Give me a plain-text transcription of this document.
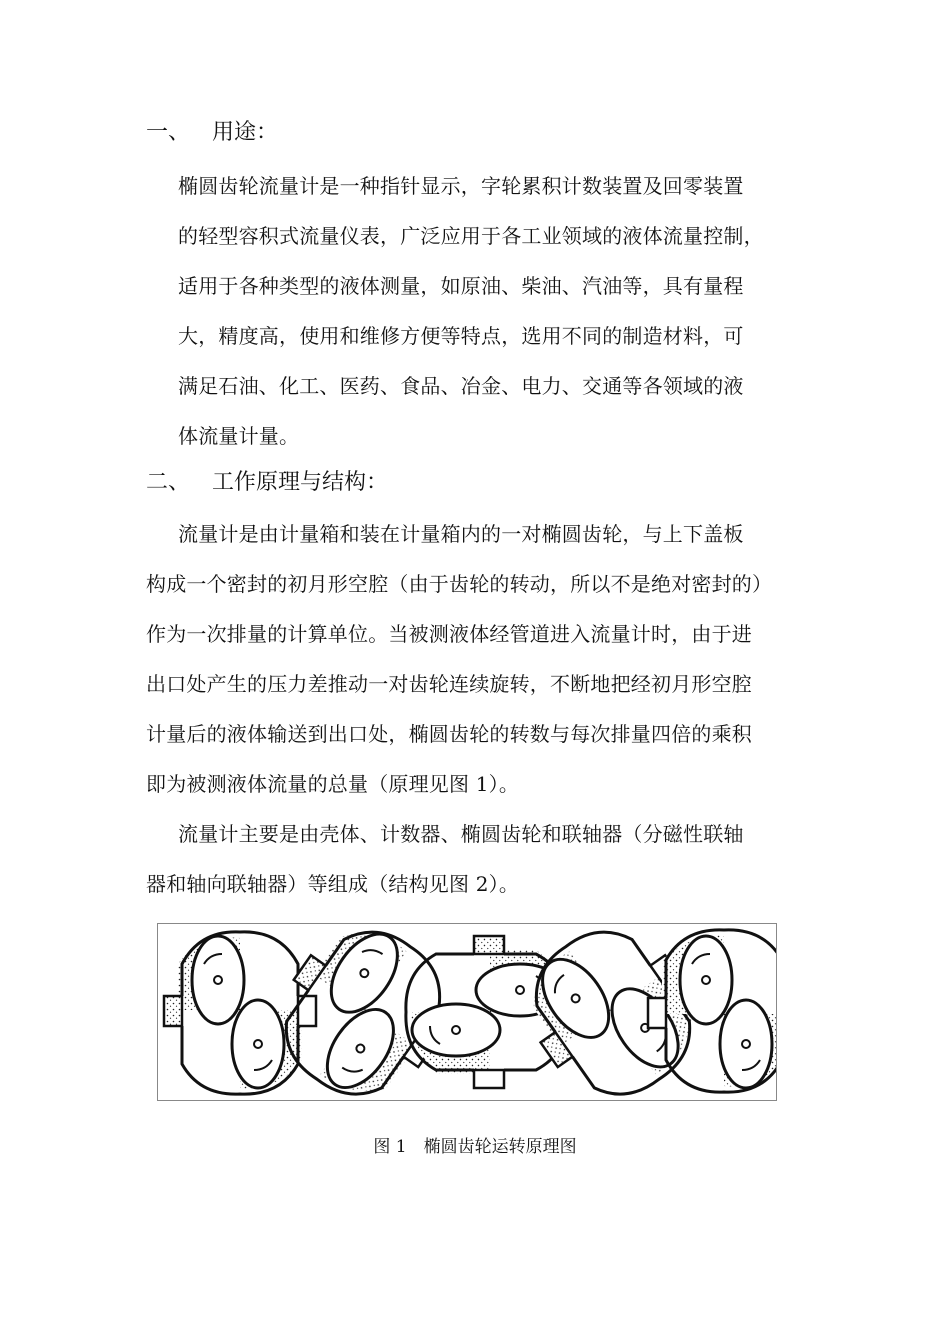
一、 用途：
椭圆齿轮流量计是一种指针显示，字轮累积计数装置及回零装置
的轻型容积式流量仪表，广泛应用于各工业领域的液体流量控制，
适用于各种类型的液体测量，如原油、柴油、汽油等，具有量程
大，精度高，使用和维修方便等特点，选用不同的制造材料，可
满足石油、化工、医药、食品、冶金、电力、交通等各领域的液
体流量计量。
二、 工作原理与结构：
流量计是由计量箱和装在计量箱内的一对椭圆齿轮，与上下盖板
构成一个密封的初月形空腔（由于齿轮的转动，所以不是绝对密封的）
作为一次排量的计算单位。当被测液体经管道进入流量计时，由于进
出口处产生的压力差推动一对齿轮连续旋转，不断地把经初月形空腔
计量后的液体输送到出口处，椭圆齿轮的转数与每次排量四倍的乘积
即为被测液体流量的总量（原理见图 1）。
流量计主要是由壳体、计数器、椭圆齿轮和联轴器（分磁性联轴
器和轴向联轴器）等组成（结构见图 2）。
图 1　椭圆齿轮运转原理图
